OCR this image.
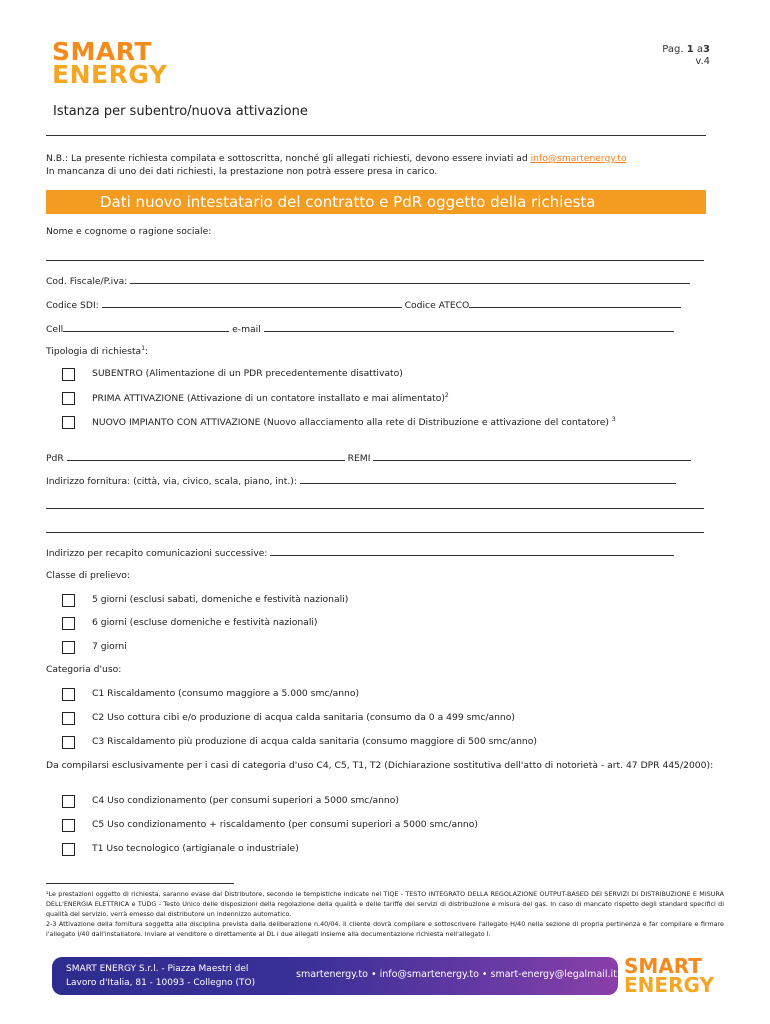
SMART
ENERGY
Pag. 1 a3
v.4
Istanza per subentro/nuova attivazione
N.B.: La presente richiesta compilata e sottoscritta, nonché gli allegati richiesti, devono essere inviati ad info@smartenergy.to
In mancanza di uno dei dati richiesti, la prestazione non potrà essere presa in carico.
Dati nuovo intestatario del contratto e PdR oggetto della richiesta
Nome e cognome o ragione sociale:
Cod. Fiscale/P.iva:
Codice SDI:	Codice ATECO
Cell	e-mail
Tipologia di richiesta$^1$:
SUBENTRO (Alimentazione di un PDR precedentemente disattivato)
PRIMA ATTIVAZIONE (Attivazione di un contatore installato e mai alimentato)$^2$
NUOVO IMPIANTO CON ATTIVAZIONE (Nuovo allacciamento alla rete di Distribuzione e attivazione del contatore) $^3$
PdR	REMI
Indirizzo fornitura: (città, via, civico, scala, piano, int.):
Indirizzo per recapito comunicazioni successive:
Classe di prelievo:
5 giorni (esclusi sabati, domeniche e festività nazionali)
6 giorni (escluse domeniche e festività nazionali)
7 giorni
Categoria d'uso:
C1 Riscaldamento (consumo maggiore a 5.000 smc/anno)
C2 Uso cottura cibi e/o produzione di acqua calda sanitaria (consumo da 0 a 499 smc/anno)
C3 Riscaldamento più produzione di acqua calda sanitaria (consumo maggiore di 500 smc/anno)
Da compilarsi esclusivamente per i casi di categoria d'uso C4, C5, T1, T2 (Dichiarazione sostitutiva dell'atto di notorietà - art. 47 DPR 445/2000):
C4 Uso condizionamento (per consumi superiori a 5000 smc/anno)
C5 Uso condizionamento + riscaldamento (per consumi superiori a 5000 smc/anno)
T1 Uso tecnologico (artigianale o industriale)
¹Le prestazioni oggetto di richiesta, saranno evase dal Distributore, secondo le tempistiche indicate nel TIQE - TESTO INTEGRATO DELLA REGOLAZIONE OUTPUT-BASED DEI SERVIZI DI DISTRIBUZIONE E MISURA DELL'ENERGIA ELETTRICA e TUDG - Testo Unico delle disposizioni della regolazione della qualità e delle tariffe dei servizi di distribuzione e misura del gas. In caso di mancato rispetto degli standard specifici di qualità del servizio, verrà emesso dal distributore un indennizzo automatico.
2-3 Attivazione della fornitura soggetta alla disciplina prevista dalla deliberazione n.40/04. Il cliente dovrà compilare e sottoscrivere l'allegato H/40 nella sezione di propria pertinenza e far compilare e firmare l'allegato I/40 dall'installatore. Inviare al venditore o direttamente al DL i due allegati insieme alla documentazione richiesta nell'allegato I.
SMART ENERGY S.r.l. - Piazza Maestri del
Lavoro d'Italia, 81 - 10093 - Collegno (TO)
smartenergy.to • info@smartenergy.to • smart-energy@legalmail.it SMART
ENERGY
